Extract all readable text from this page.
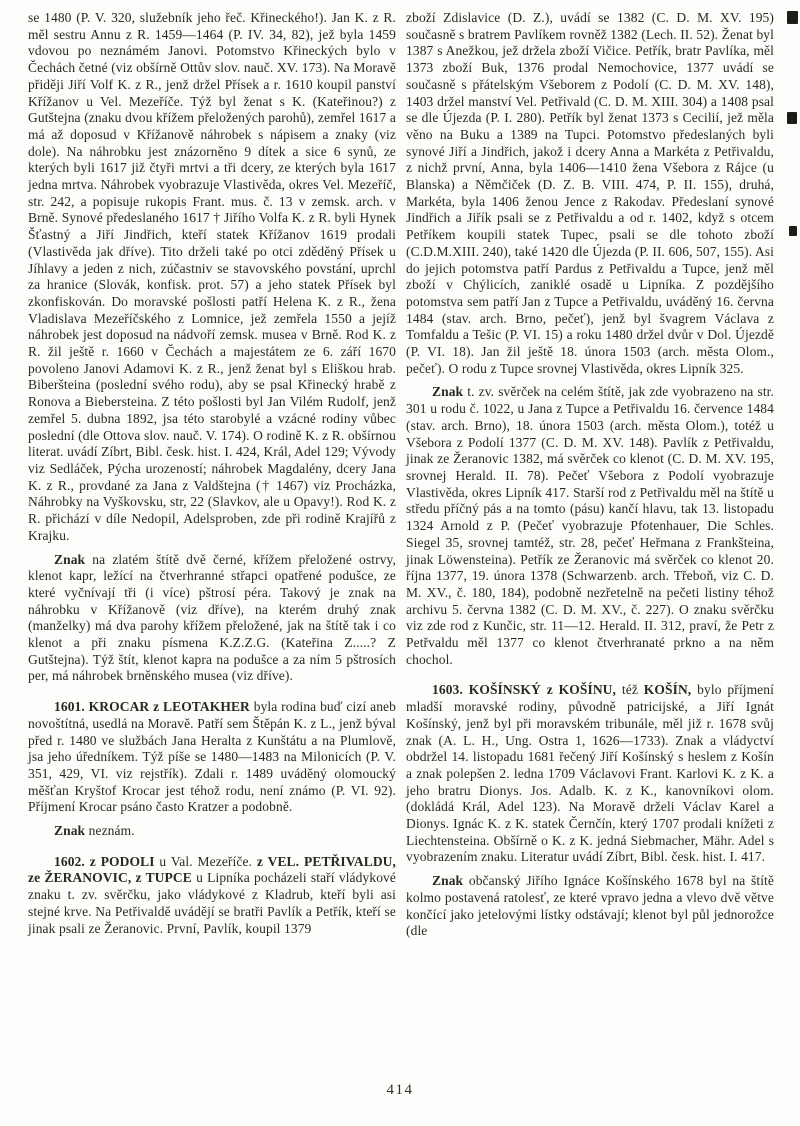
se 1480 (P. V. 320, služebník jeho řeč. Křineckého!). Jan K. z R. měl sestru Annu z R. 1459—1464 (P. IV. 34, 82), jež byla 1459 vdovou po neznámém Janovi. Potomstvo Křineckých bylo v Čechách četné (viz obšírně Ottův slov. nauč. XV. 173). Na Moravě přiději Jiří Volf K. z R., jenž držel Přísek a r. 1610 koupil panství Křížanov u Vel. Mezeříče. Týž byl ženat s K. (Kateřinou?) z Gutštejna (znaku dvou křížem přeložených parohů), zemřel 1617 a má až doposud v Křížanově náhrobek s nápisem a znaky (viz dole). Na náhrobku jest znázorněno 9 dítek a sice 6 synů, ze kterých byli 1617 již čtyři mrtvi a tři dcery, ze kterých byla 1617 jedna mrtva. Náhrobek vyobrazuje Vlastivěda, okres Vel. Mezeříč, str. 242, a popisuje rukopis Frant. mus. č. 13 v zemsk. arch. v Brně. Synové předeslaného 1617 † Jiřího Volfa K. z R. byli Hynek Šťastný a Jiří Jindřich, kteří statek Křížanov 1619 prodali (Vlastivěda jak dříve). Tito drželi také po otci zděděný Přísek u Jíhlavy a jeden z nich, zúčastniv se stavovského povstání, uprchl za hranice (Slovák, konfisk. prot. 57) a jeho statek Přísek byl zkonfiskován. Do moravské pošlosti patří Helena K. z R., žena Vladislava Mezeříčského z Lomnice, jež zemřela 1550 a jejíž náhrobek jest doposud na nádvoří zemsk. musea v Brně. Rod K. z R. žil ještě r. 1660 v Čechách a majestátem ze 6. září 1670 povoleno Janovi Adamovi K. z R., jenž ženat byl s Eliškou hrab. Biberšteina (poslední svého rodu), aby se psal Křinecký hrabě z Ronova a Biebersteina. Z této pošlosti byl Jan Vilém Rudolf, jenž zemřel 5. dubna 1892, jsa této starobylé a vzácné rodiny vůbec poslední (dle Ottova slov. nauč. V. 174). O rodině K. z R. obšírnou literat. uvádí Zíbrt, Bibl. česk. hist. I. 424, Král, Adel 129; Vývody viz Sedláček, Pýcha urozeností; náhrobek Magdalény, dcery Jana K. z R., provdané za Jana z Valdštejna († 1467) viz Procházka, Náhrobky na Vyškovsku, str, 22 (Slavkov, ale u Opavy!). Rod K. z R. přichází v díle Nedopil, Adelsproben, zde při rodině Krajířů z Krajku.

Znak na zlatém štítě dvě černé, křížem přeložené ostrvy, klenot kapr, ležící na čtverhranné střapci opatřené podušce, ze které vyčnívají tři (i více) pštrosí péra. Takový je znak na náhrobku v Křížanově (viz dříve), na kterém druhý znak (manželky) má dva parohy křížem přeložené, jak na štítě tak i co klenot a při znaku písmena K.Z.Z.G. (Kateřina Z.....? Z Gutštejna). Týž štít, klenot kapra na podušce a za ním 5 pštrosích per, má náhrobek brněnského musea (viz dříve).

1601. KROCAR z LEOTAKHER byla rodina buď cizí aneb novoštítná, usedlá na Moravě. Patří sem Štěpán K. z L., jenž býval před r. 1480 ve službách Jana Heralta z Kunštátu a na Plumlově, jsa jeho úředníkem. Týž píše se 1480—1483 na Milonicích (P. V. 351, 429, VI. viz rejstřík). Zdali r. 1489 uváděný olomoucký měšťan Kryštof Krocar jest téhož rodu, není známo (P. VI. 92). Příjmení Krocar psáno často Kratzer a podobně.

Znak neznám.

1602. z PODOLI u Val. Mezeříče. z VEL. PETŘIVALDU, ze ŽERANOVIC, z TUPCE u Lipníka pocházeli staří vládykové znaku t. zv. svěrčku, jako vládykové z Kladrub, kteří byli asi stejné krve. Na Petřivaldě uvádějí se bratři Pavlík a Petřík, kteří se jinak psali ze Žeranovic. První, Pavlík, koupil 1379

zboží Zdislavice (D. Z.), uvádí se 1382 (C. D. M. XV. 195) současně s bratrem Pavlíkem rovněž 1382 (Lech. II. 52). Ženat byl 1387 s Anežkou, jež držela zboží Vičice. Petřík, bratr Pavlíka, měl 1373 zboží Buk, 1376 prodal Nemochovice, 1377 uvádí se současně s přátelským Všeborem z Podolí (C. D. M. XV. 148), 1403 držel manství Vel. Petřivald (C. D. M. XIII. 304) a 1408 psal se dle Újezda (P. I. 280). Petřík byl ženat 1373 s Cecilií, jež měla věno na Buku a 1389 na Tupci. Potomstvo předeslaných byli synové Jiří a Jindřich, jakož i dcery Anna a Markéta z Petřivaldu, z nichž první, Anna, byla 1406—1410 žena Všebora z Rájce (u Blanska) a Němčiček (D. Z. B. VIII. 474, P. II. 155), druhá, Markéta, byla 1406 ženou Jence z Rakodav. Předeslaní synové Jindřich a Jiřík psali se z Petřivaldu a od r. 1402, když s otcem Petříkem koupili statek Tupec, psali se dle tohoto zboží (C.D.M.XIII. 240), také 1420 dle Újezda (P. II. 606, 507, 155). Asi do jejich potomstva patří Pardus z Petřivaldu a Tupce, jenž měl zboží v Chýlicích, zaniklé osadě u Lipníka. Z pozdějšího potomstva sem patří Jan z Tupce a Petřivaldu, uváděný 16. června 1484 (stav. arch. Brno, pečeť), jenž byl švagrem Václava z Tomfaldu a Tešic (P. VI. 15) a roku 1480 držel dvůr v Dol. Újezdě (P. VI. 18). Jan žil ještě 18. února 1503 (arch. města Olom., pečeť). O rodu z Tupce srovnej Vlastivěda, okres Lipník 325.

Znak t. zv. svěrček na celém štítě, jak zde vyobrazeno na str. 301 u rodu č. 1022, u Jana z Tupce a Petřivaldu 16. července 1484 (stav. arch. Brno), 18. února 1503 (arch. města Olom.), totéž u Všebora z Podolí 1377 (C. D. M. XV. 148). Pavlík z Petřivaldu, jinak ze Žeranovic 1382, má svěrček co klenot (C. D. M. XV. 195, srovnej Herald. II. 78). Pečeť Všebora z Podolí vyobrazuje Vlastivěda, okres Lipník 417. Starší rod z Petřivaldu měl na štítě u středu příčný pás a na tomto (pásu) kančí hlavu, tak 13. listopadu 1324 Arnold z P. (Pečeť vyobrazuje Pfotenhauer, Die Schles. Siegel 35, srovnej tamtéž, str. 28, pečeť Heřmana z Frankšteina, jinak Löwensteina). Petřík ze Žeranovic má svěrček co klenot 20. října 1377, 19. února 1378 (Schwarzenb. arch. Třeboň, viz C. D. M. XV., č. 180, 184), podobně nezřetelně na pečeti listiny téhož archivu 5. června 1382 (C. D. M. XV., č. 227). O znaku svěrčku viz zde rod z Kunčic, str. 11—12. Herald. II. 312, praví, že Petr z Petřvaldu měl 1377 co klenot čtverhranaté prkno a na něm chochol.

1603. KOŠÍNSKÝ z KOŠÍNU, též KOŠÍN, bylo příjmení mladší moravské rodiny, původně patricijské, a Jiří Ignát Košínský, jenž byl při moravském tribunále, měl již r. 1678 svůj znak (A. L. H., Ung. Ostra 1, 1626—1733). Znak a vládyctví obdržel 14. listopadu 1681 řečený Jiří Košínský s heslem z Košín a znak polepšen 2. ledna 1709 Václavovi Frant. Karlovi K. z K. a jeho bratru Dionys. Jos. Adalb. K. z K., kanovníkovi olom. (dokládá Král, Adel 123). Na Moravě drželi Václav Karel a Dionys. Ignác K. z K. statek Černčín, který 1707 prodali knížeti z Liechtensteina. Obšírně o K. z K. jedná Siebmacher, Mähr. Adel s vyobrazením znaku. Literatur uvádí Zíbrt, Bibl. česk. hist. I. 417.

Znak občanský Jiřího Ignáce Košínského 1678 byl na štítě kolmo postavená ratolesť, ze které vpravo jedna a vlevo dvě větve končící jako jetelovými lístky odstávají; klenot byl půl jednorožce (dle

414
